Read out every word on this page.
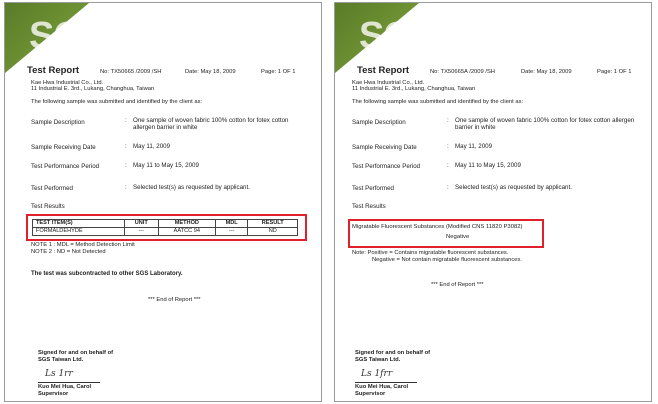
SGS
Test Report	No: TX50665 /2009 /SH	Date: May 18, 2009	Page: 1 OF 1
Kae Hwa Industrial Co., Ltd.
11 Industrial E. 3rd., Lukang, Changhua, Taiwan
The following sample was submitted and identified by the client as:
Sample Description	: One sample of woven fabric 100% cotton for fotex cotton allergen barrier in white
Sample Receiving Date	: May 11, 2009
Test Performance Period	: May 11 to May 15, 2009
Test Performed	: Selected test(s) as requested by applicant.
Test Results
TEST ITEM(S)	UNIT	METHOD	MDL	RESULT
FORMALDEHYDE	---	AATCC 94	---	ND
NOTE 1 : MDL = Method Detection Limit
NOTE 2 : ND = Not Detected
The test was subcontracted to other SGS Laboratory.
*** End of Report ***
Signed for and on behalf of
SGS Taiwan Ltd.
Ls 1rr
Kuo Mei Hua, Carol
Supervisor
SGS
Test Report	No: TX50665A /2009 /SH	Date: May 18, 2009	Page: 1 OF 1
Kae Hwa Industrial Co., Ltd.
11 Industrial E. 3rd., Lukang, Changhua, Taiwan
The following sample was submitted and identified by the client as:
Sample Description	: One sample of woven fabric 100% cotton for fotex cotton allergen barrier in white
Sample Receiving Date	: May 11, 2009
Test Performance Period	: May 11 to May 15, 2009
Test Performed	: Selected test(s) as requested by applicant.
Test Results
Migratable Fluorescent Substances (Modified CNS 11820 P3082)
Negative
Note: Positive = Contains migratable fluorescent substances.
Negative = Not contain migratable fluorescent substances.
*** End of Report ***
Signed for and on behalf of
SGS Taiwan Ltd.
Ls 1frr
Kuo Mei Hua, Carol
Supervisor
